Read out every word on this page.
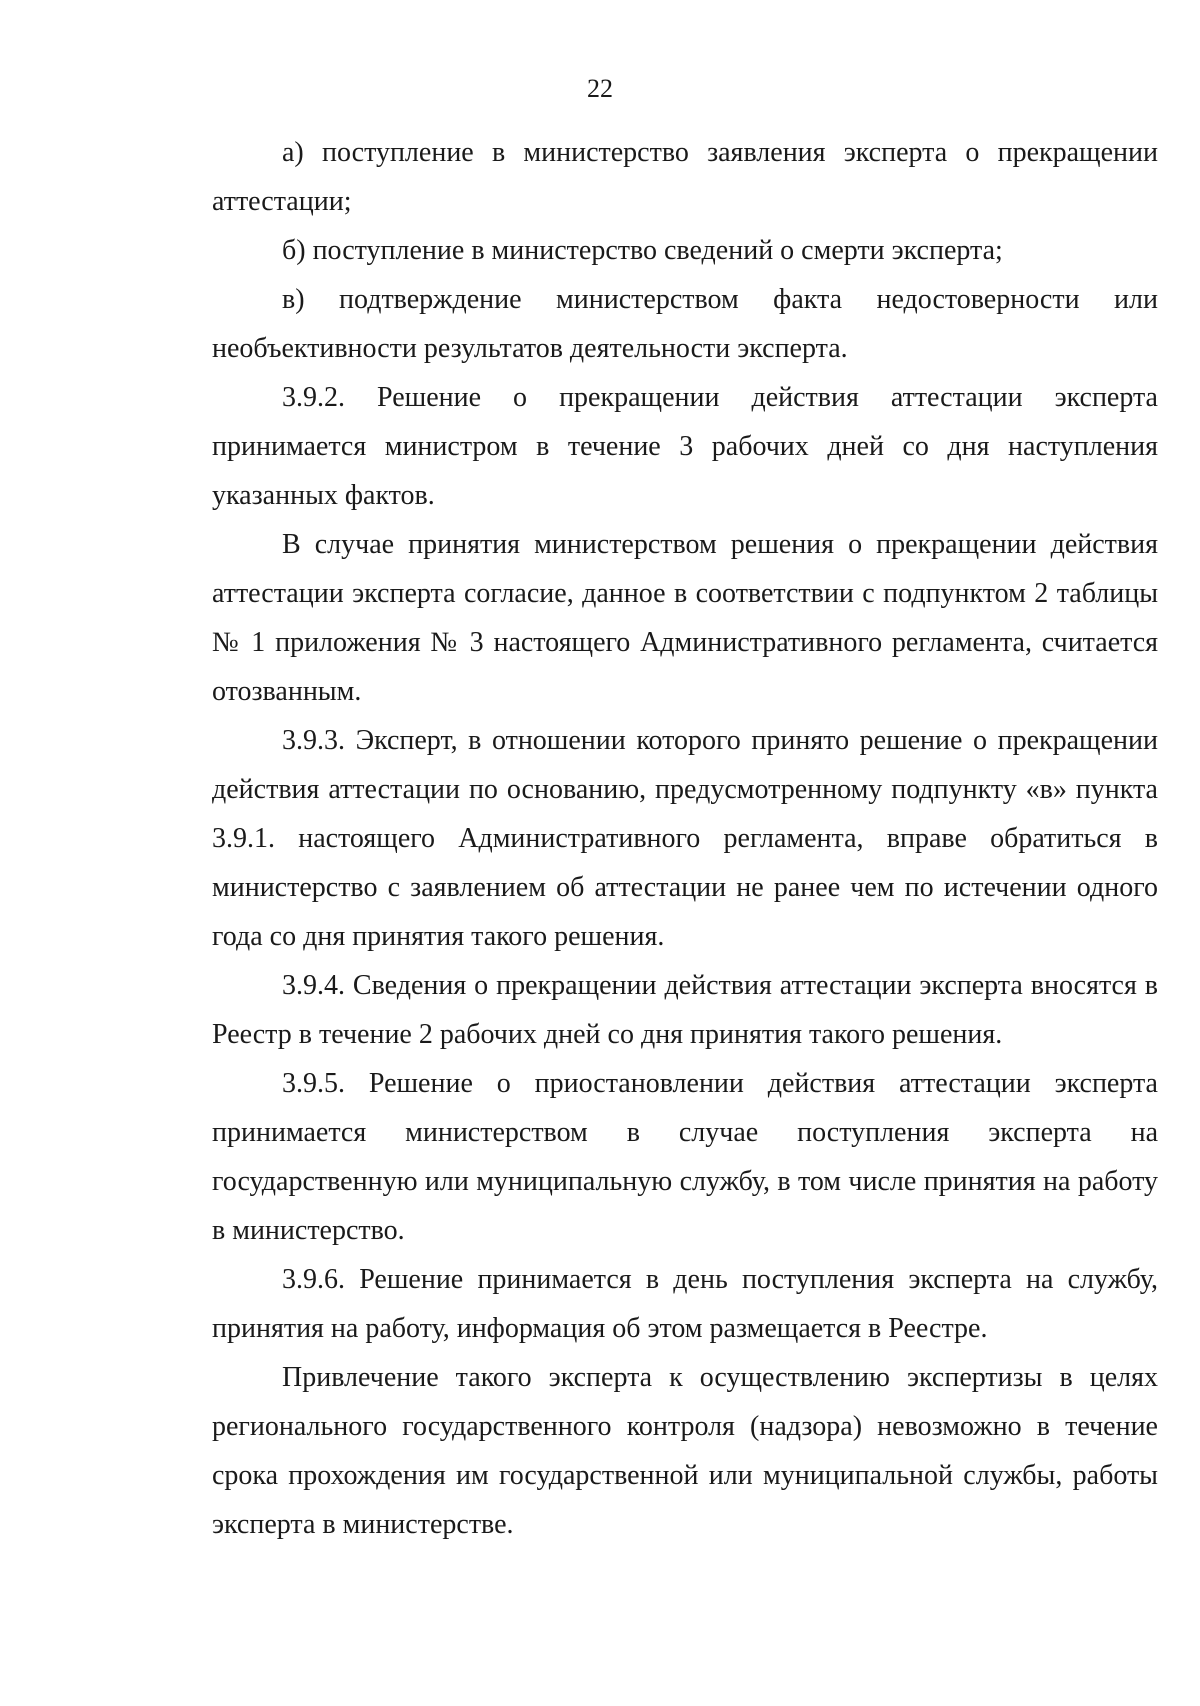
22

а) поступление в министерство заявления эксперта о прекращении аттестации;

б) поступление в министерство сведений о смерти эксперта;

в) подтверждение министерством факта недостоверности или необъективности результатов деятельности эксперта.

3.9.2. Решение о прекращении действия аттестации эксперта принимается министром в течение 3 рабочих дней со дня наступления указанных фактов.

В случае принятия министерством решения о прекращении действия аттестации эксперта согласие, данное в соответствии с подпунктом 2 таблицы № 1 приложения № 3 настоящего Административного регламента, считается отозванным.

3.9.3. Эксперт, в отношении которого принято решение о прекращении действия аттестации по основанию, предусмотренному подпункту «в» пункта 3.9.1. настоящего Административного регламента, вправе обратиться в министерство с заявлением об аттестации не ранее чем по истечении одного года со дня принятия такого решения.

3.9.4. Сведения о прекращении действия аттестации эксперта вносятся в Реестр в течение 2 рабочих дней со дня принятия такого решения.

3.9.5. Решение о приостановлении действия аттестации эксперта принимается министерством в случае поступления эксперта на государственную или муниципальную службу, в том числе принятия на работу в министерство.

3.9.6. Решение принимается в день поступления эксперта на службу, принятия на работу, информация об этом размещается в Реестре.

Привлечение такого эксперта к осуществлению экспертизы в целях регионального государственного контроля (надзора) невозможно в течение срока прохождения им государственной или муниципальной службы, работы эксперта в министерстве.
